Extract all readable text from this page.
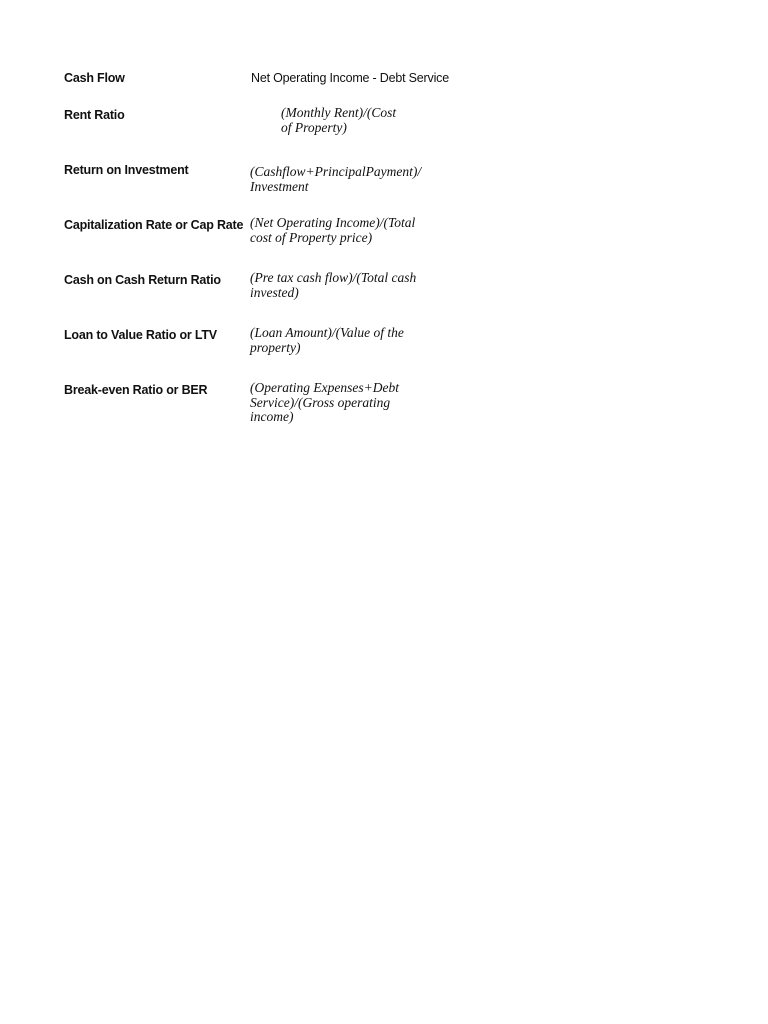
Cash Flow	Net Operating Income - Debt Service
Rent Ratio	(Monthly Rent)/(Cost
of Property)
Return on Investment	(Cashflow+PrincipalPayment)/
Investment
Capitalization Rate or Cap Rate (Net Operating Income)/(Total
cost of Property price)
Cash on Cash Return Ratio	(Pre tax cash flow)/(Total cash
invested)
Loan to Value Ratio or LTV	(Loan Amount)/(Value of the
property)
Break-even Ratio or BER	(Operating Expenses+Debt
Service)/(Gross operating
income)
